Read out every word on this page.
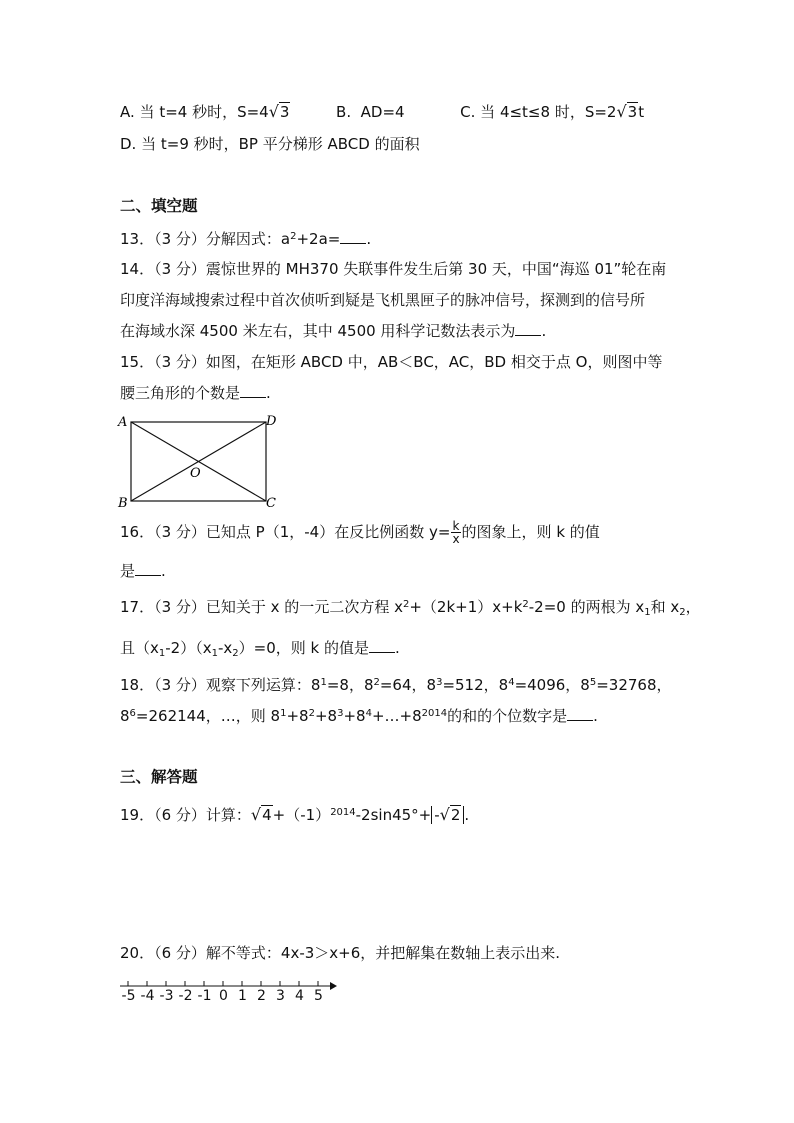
A. 当 t=4 秒时，S=4√3	B. AD=4	C. 当 4≤t≤8 时，S=2√3t
D. 当 t=9 秒时，BP 平分梯形 ABCD 的面积
二、填空题
13．（3 分）分解因式：$a^2+2a=$ .
14．（3 分）震惊世界的 MH370 失联事件发生后第 30 天，中国“海巡 01”轮在南
印度洋海域搜索过程中首次侦听到疑是飞机黑匣子的脉冲信号，探测到的信号所
在海域水深 4500 米左右，其中 4500 用科学记数法表示为 .
15．（3 分）如图，在矩形 ABCD 中，AB＜BC，AC，BD 相交于点 O，则图中等
腰三角形的个数是 .
A	D
B	C
O
16．（3 分）已知点 P（1，-4）在反比例函数 $y= \frac{k}{x}$ 的图象上，则 k 的值
是 .
17．（3 分）已知关于 x 的一元二次方程 $x^2+(2k+1)x+k^2-2=0$ 的两根为 $x_1$和 $x_2$，
且$(x_1-2)(x_1-x_2)=0$，则 k 的值是 .
18．（3 分）观察下列运算：$8^1=8$，$8^2=64$，$8^3=512$，$8^4=4096$，$8^5=32768$，
$8^6=262144$，…，则 $8^1+8^2+8^3+8^4+\dots+8^{2014}$的和的个位数字是 .
三、解答题
19．（6 分）计算：$√4+(-1)^{2014}-2\sin 45^\circ+ -√2$ .
20．（6 分）解不等式：4x-3＞x+6，并把解集在数轴上表示出来.
-5 -4 -3 -2 -1 0 1 2 3 4 5
